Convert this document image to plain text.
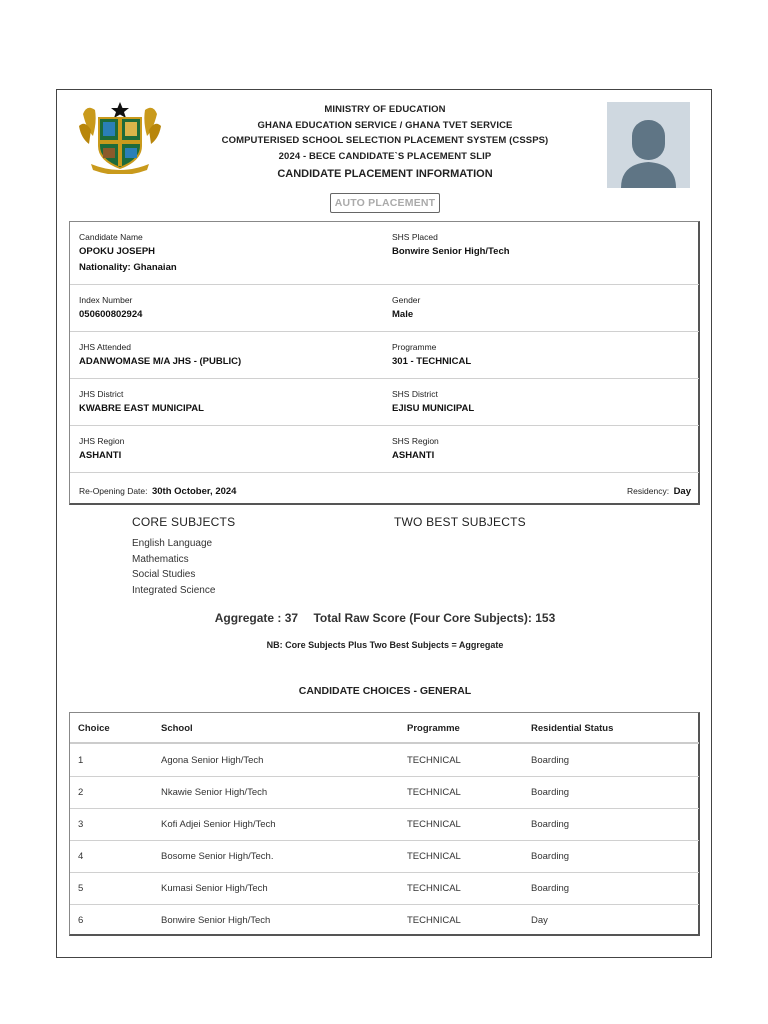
MINISTRY OF EDUCATION
GHANA EDUCATION SERVICE / GHANA TVET SERVICE
COMPUTERISED SCHOOL SELECTION PLACEMENT SYSTEM (CSSPS)
2024 - BECE CANDIDATE`S PLACEMENT SLIP
CANDIDATE PLACEMENT INFORMATION
AUTO PLACEMENT
Candidate Name
OPOKU JOSEPH
Nationality: Ghanaian
SHS Placed
Bonwire Senior High/Tech
Index Number
050600802924
Gender
Male
JHS Attended
ADANWOMASE M/A JHS - (PUBLIC)
Programme
301 - TECHNICAL
JHS District
KWABRE EAST MUNICIPAL
SHS District
EJISU MUNICIPAL
JHS Region
ASHANTI
SHS Region
ASHANTI
Re-Opening Date: 30th October, 2024	Residency: Day
CORE SUBJECTS	TWO BEST SUBJECTS
English Language
Mathematics
Social Studies
Integrated Science
Aggregate : 37 Total Raw Score (Four Core Subjects): 153
NB: Core Subjects Plus Two Best Subjects = Aggregate
CANDIDATE CHOICES - GENERAL
Choice	School	Programme	Residential Status
1	Agona Senior High/Tech	TECHNICAL	Boarding
2	Nkawie Senior High/Tech	TECHNICAL	Boarding
3	Kofi Adjei Senior High/Tech	TECHNICAL	Boarding
4	Bosome Senior High/Tech.	TECHNICAL	Boarding
5	Kumasi Senior High/Tech	TECHNICAL	Boarding
6	Bonwire Senior High/Tech	TECHNICAL	Day
